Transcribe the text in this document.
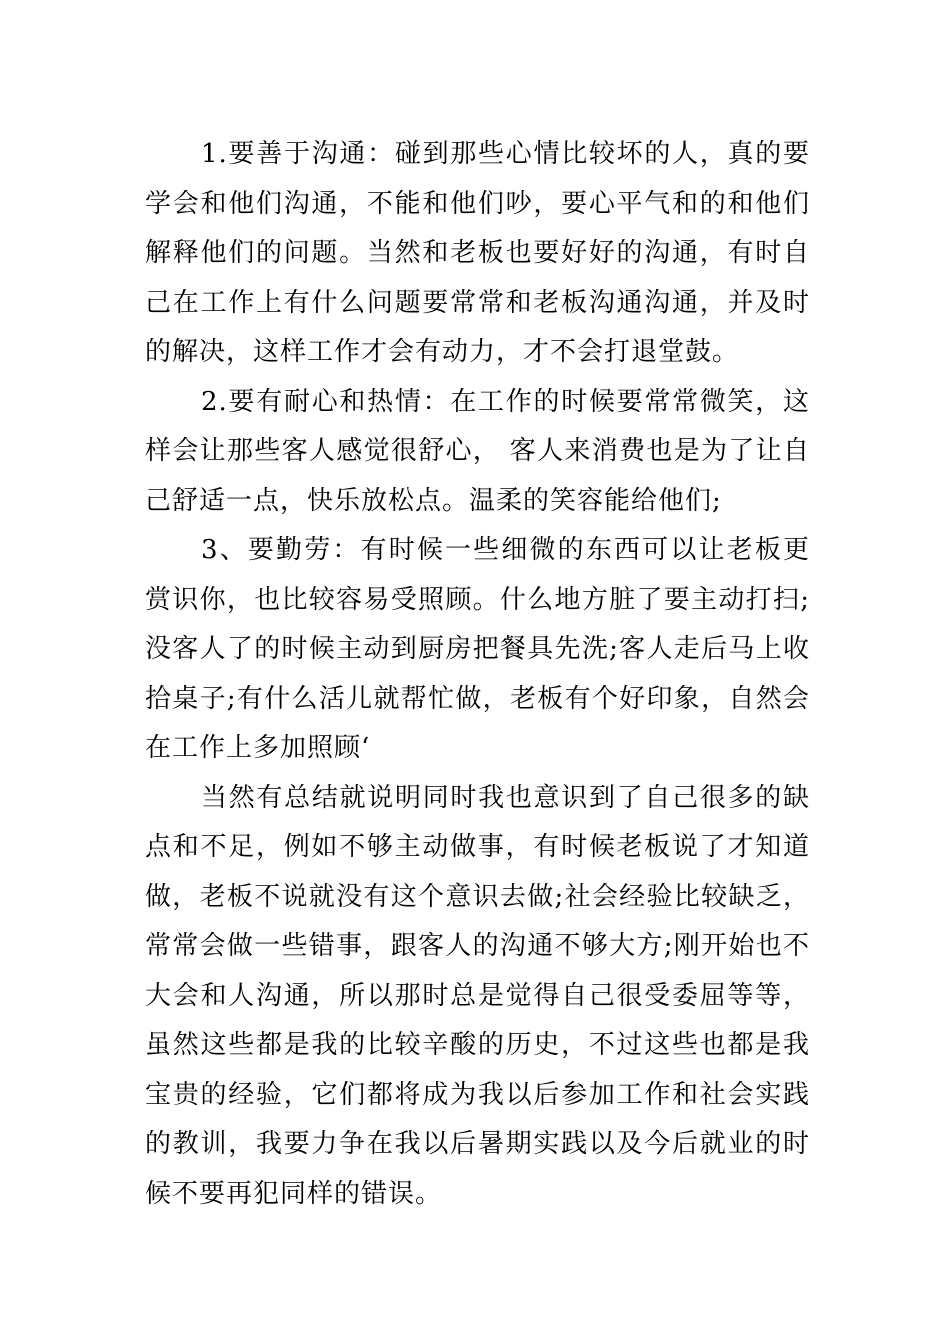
1.要善于沟通：碰到那些心情比较坏的人，真的要学会和他们沟通，不能和他们吵，要心平气和的和他们解释他们的问题。当然和老板也要好好的沟通，有时自己在工作上有什么问题要常常和老板沟通沟通，并及时的解决，这样工作才会有动力，才不会打退堂鼓。

2.要有耐心和热情：在工作的时候要常常微笑，这样会让那些客人感觉很舒心， 客人来消费也是为了让自己舒适一点，快乐放松点。温柔的笑容能给他们;

3、要勤劳：有时候一些细微的东西可以让老板更赏识你，也比较容易受照顾。什么地方脏了要主动打扫;没客人了的时候主动到厨房把餐具先洗;客人走后马上收拾桌子;有什么活儿就帮忙做，老板有个好印象，自然会在工作上多加照顾‘

当然有总结就说明同时我也意识到了自己很多的缺点和不足，例如不够主动做事，有时候老板说了才知道做，老板不说就没有这个意识去做;社会经验比较缺乏，常常会做一些错事，跟客人的沟通不够大方;刚开始也不大会和人沟通，所以那时总是觉得自己很受委屈等等，虽然这些都是我的比较辛酸的历史，不过这些也都是我宝贵的经验，它们都将成为我以后参加工作和社会实践的教训，我要力争在我以后暑期实践以及今后就业的时候不要再犯同样的错误。
